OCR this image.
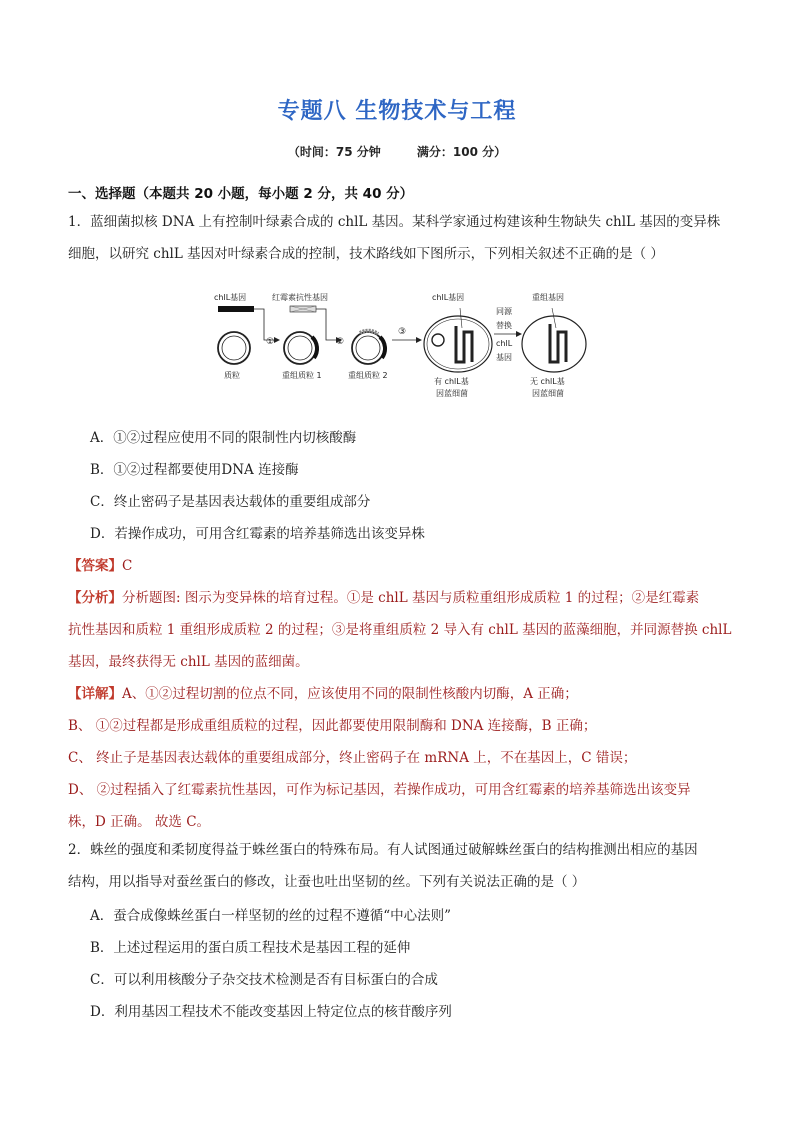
专题八 生物技术与工程
（时间：75 分钟	满分：100 分）
一、选择题（本题共 20 小题，每小题 2 分，共 40 分）
1．蓝细菌拟核 DNA 上有控制叶绿素合成的 chlL 基因。某科学家通过构建该种生物缺失 chlL 基因的变异株
细胞，以研究 chlL 基因对叶绿素合成的控制，技术路线如下图所示，下列相关叙述不正确的是（ ）
chlL基因
①
红霉素抗性基因
②
质粒	重组质粒 1	重组质粒 2
③
chlL基因
有 chlL基
因蓝细菌
同源
替换
chlL
基因
重组基因
无 chlL基
因蓝细菌
A．①②过程应使用不同的限制性内切核酸酶
B．①②过程都要使用DNA 连接酶
C．终止密码子是基因表达载体的重要组成部分
D．若操作成功，可用含红霉素的培养基筛选出该变异株
【答案】C
【分析】分析题图: 图示为变异株的培育过程。①是 chlL 基因与质粒重组形成质粒 1 的过程；②是红霉素
抗性基因和质粒 1 重组形成质粒 2 的过程；③是将重组质粒 2 导入有 chlL 基因的蓝藻细胞，并同源替换 chlL
基因，最终获得无 chlL 基因的蓝细菌。
【详解】A、①②过程切割的位点不同，应该使用不同的限制性核酸内切酶，A 正确；
B、 ①②过程都是形成重组质粒的过程，因此都要使用限制酶和 DNA 连接酶，B 正确；
C、 终止子是基因表达载体的重要组成部分，终止密码子在 mRNA 上，不在基因上，C 错误；
D、 ②过程插入了红霉素抗性基因，可作为标记基因，若操作成功，可用含红霉素的培养基筛选出该变异
株，D 正确。 故选 C。
2．蛛丝的强度和柔韧度得益于蛛丝蛋白的特殊布局。有人试图通过破解蛛丝蛋白的结构推测出相应的基因
结构，用以指导对蚕丝蛋白的修改，让蚕也吐出坚韧的丝。下列有关说法正确的是（ ）
A．蚕合成像蛛丝蛋白一样坚韧的丝的过程不遵循“中心法则”
B．上述过程运用的蛋白质工程技术是基因工程的延伸
C．可以利用核酸分子杂交技术检测是否有目标蛋白的合成
D．利用基因工程技术不能改变基因上特定位点的核苷酸序列
